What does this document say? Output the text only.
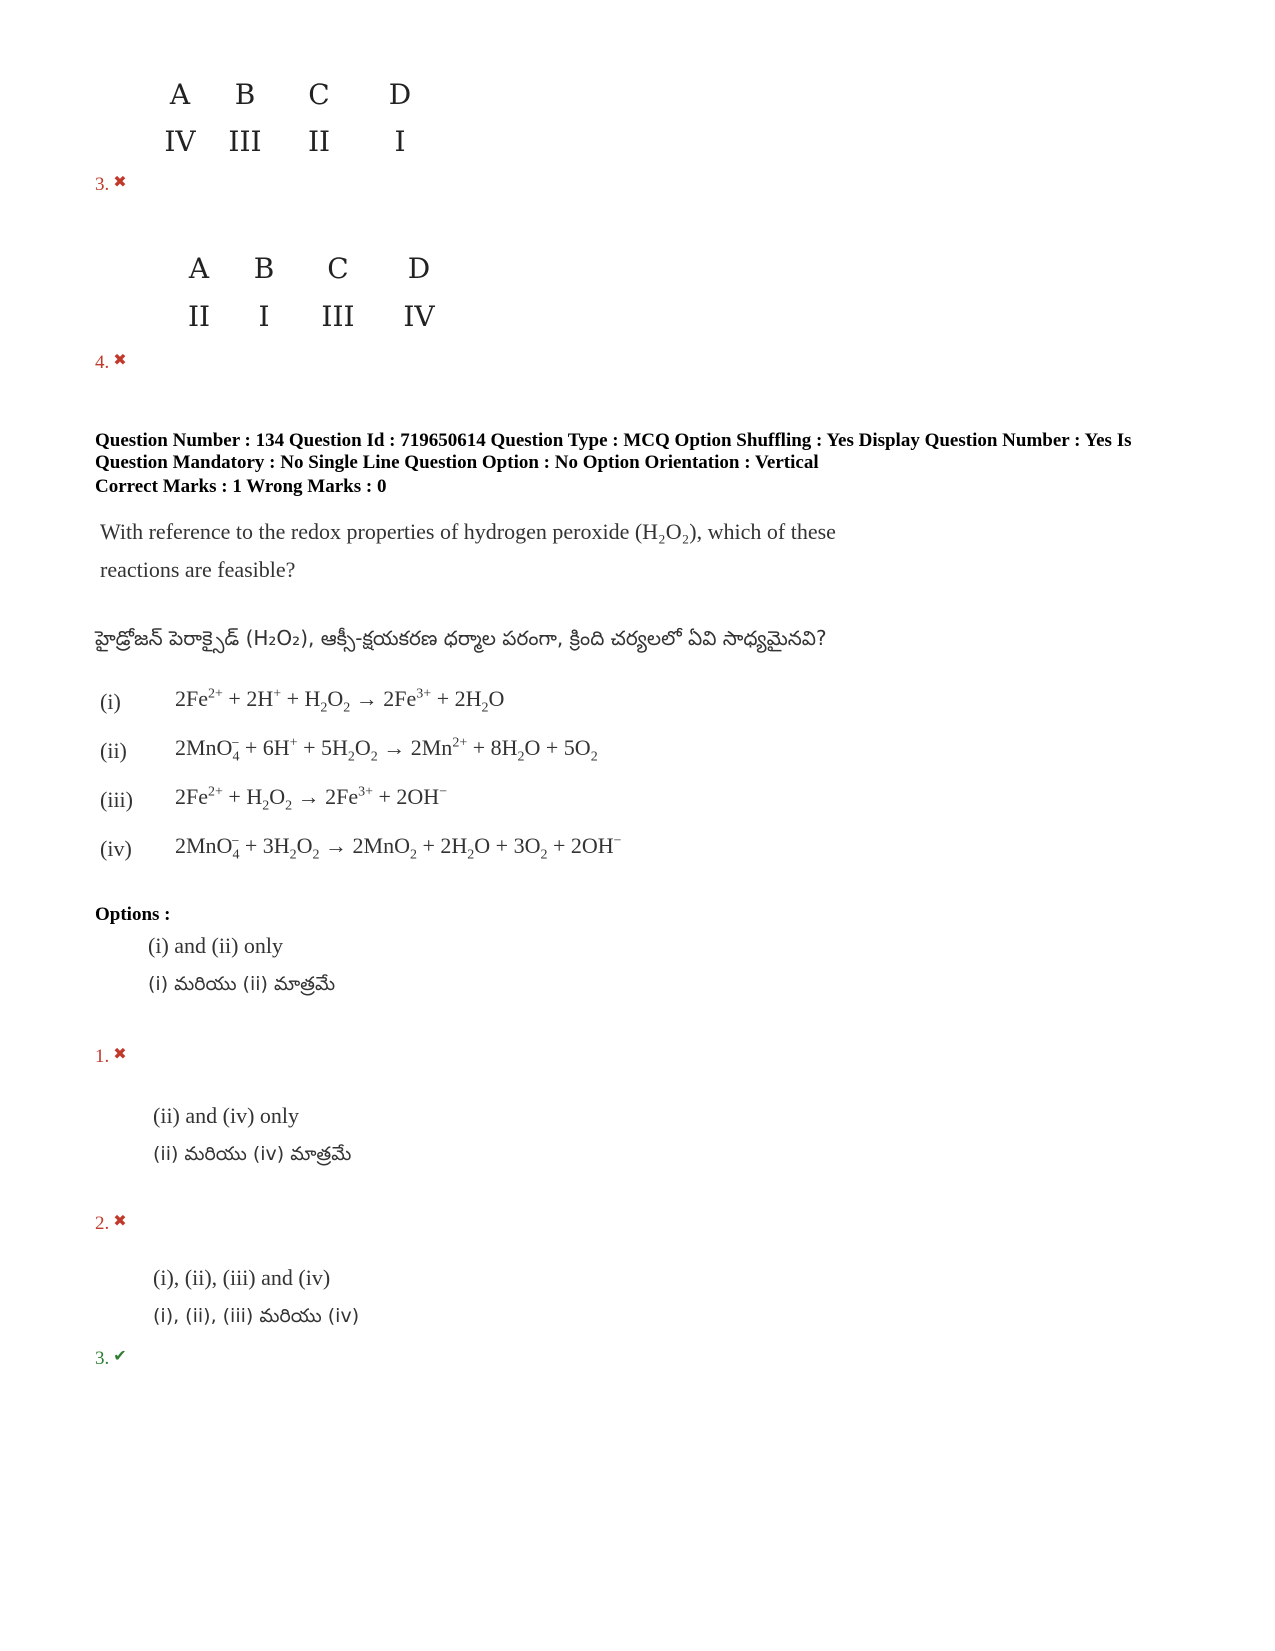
A	B	C	D
IV	III	II	I
3. ✖
A	B	C	D
II	I	III	IV
4. ✖
Question Number : 134 Question Id : 719650614 Question Type : MCQ Option Shuffling : Yes Display Question Number : Yes Is
Question Mandatory : No Single Line Question Option : No Option Orientation : Vertical
Correct Marks : 1 Wrong Marks : 0
With reference to the redox properties of hydrogen peroxide (H₂O₂), which of these
reactions are feasible?
హైడ్రోజన్ పెరాక్సైడ్ (H₂O₂), ఆక్సీ-క్షయకరణ ధర్మాల పరంగా, క్రింది చర్యలలో ఏవి సాధ్యమైనవి?
(i) $2Fe^{2+} + 2H^+ + H_2O_2 \to 2Fe^{3+} + 2H_2O$
(ii) $2MnO_4^- + 6H^+ + 5H_2O_2 \to 2Mn^{2+} + 8H_2O + 5O_2$
(iii) $2Fe^{2+} + H_2O_2 \to 2Fe^{3+} + 2OH^-$
(iv) $2MnO_4^- + 3H_2O_2 \to 2MnO_2 + 2H_2O + 3O_2 + 2OH^-$
Options :
(i) and (ii) only
(i) మరియు (ii) మాత్రమే
1. ✖
(ii) and (iv) only
(ii) మరియు (iv) మాత్రమే
2. ✖
(i), (ii), (iii) and (iv)
(i), (ii), (iii) మరియు (iv)
3. ✔
